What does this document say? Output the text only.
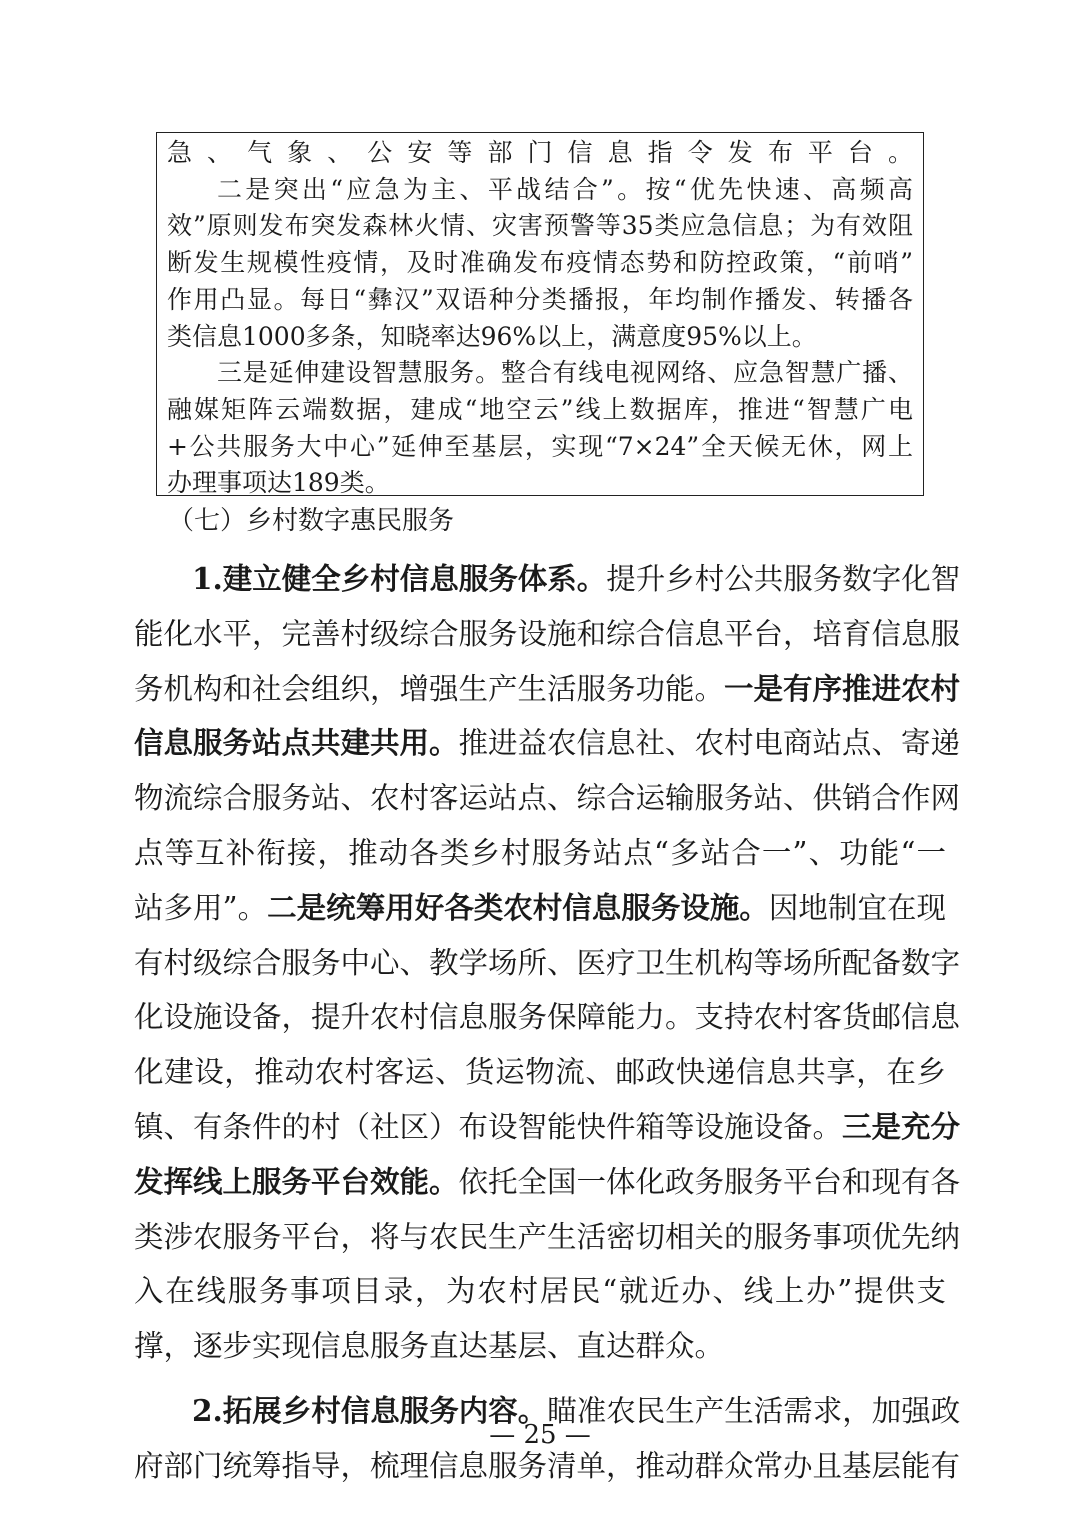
急、气象、公安等部门信息指令发布平台。
二是突出“应急为主、平战结合”。按“优先快速、高频高
效”原则发布突发森林火情、灾害预警等35类应急信息；为有效阻
断发生规模性疫情，及时准确发布疫情态势和防控政策，“前哨”
作用凸显。每日“彝汉”双语种分类播报，年均制作播发、转播各
类信息1000多条，知晓率达96%以上，满意度95%以上。
三是延伸建设智慧服务。整合有线电视网络、应急智慧广播、
融媒矩阵云端数据，建成“地空云”线上数据库，推进“智慧广电
+公共服务大中心”延伸至基层，实现“7×24”全天候无休，网上
办理事项达189类。
（七）乡村数字惠民服务
1.建立健全乡村信息服务体系。提升乡村公共服务数字化智
能化水平，完善村级综合服务设施和综合信息平台，培育信息服
务机构和社会组织，增强生产生活服务功能。一是有序推进农村
信息服务站点共建共用。推进益农信息社、农村电商站点、寄递
物流综合服务站、农村客运站点、综合运输服务站、供销合作网
点等互补衔接，推动各类乡村服务站点“多站合一”、功能“一
站多用”。二是统筹用好各类农村信息服务设施。因地制宜在现
有村级综合服务中心、教学场所、医疗卫生机构等场所配备数字
化设施设备，提升农村信息服务保障能力。支持农村客货邮信息
化建设，推动农村客运、货运物流、邮政快递信息共享，在乡
镇、有条件的村（社区）布设智能快件箱等设施设备。三是充分
发挥线上服务平台效能。依托全国一体化政务服务平台和现有各
类涉农服务平台，将与农民生产生活密切相关的服务事项优先纳
入在线服务事项目录，为农村居民“就近办、线上办”提供支
撑，逐步实现信息服务直达基层、直达群众。
2.拓展乡村信息服务内容。瞄准农民生产生活需求，加强政
府部门统筹指导，梳理信息服务清单，推动群众常办且基层能有
— 25 —
